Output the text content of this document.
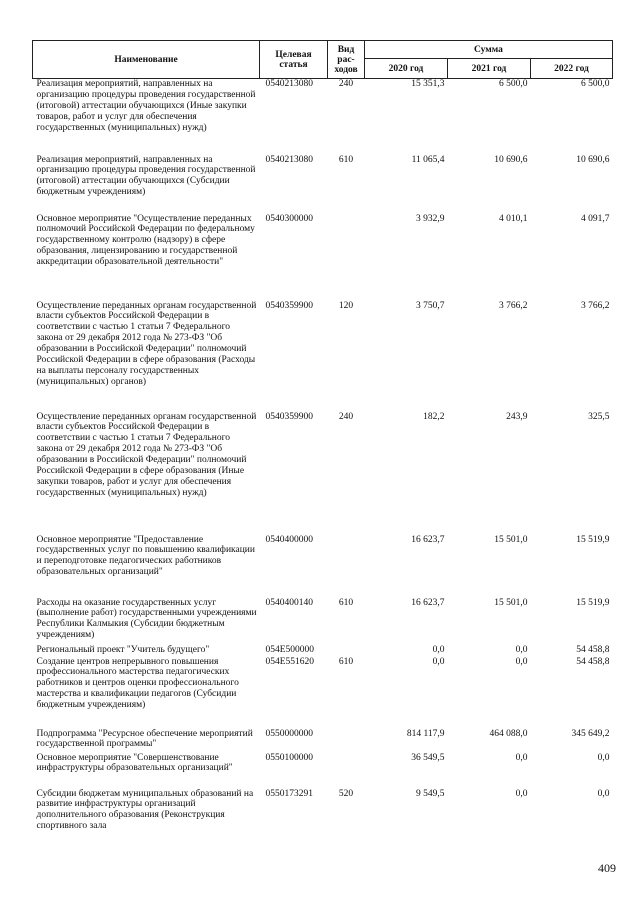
Наименование	Целевая статья	Вид рас-ходов	Сумма		
			2020 год	2021 год	2022 год
Реализация мероприятий, направленных на организацию процедуры проведения государственной (итоговой) аттестации обучающихся (Иные закупки товаров, работ и услуг для обеспечения государственных (муниципальных) нужд)	0540213080	240	15 351,3	6 500,0	6 500,0
Реализация мероприятий, направленных на организацию процедуры проведения государственной (итоговой) аттестации обучающихся (Субсидии бюджетным учреждениям)	0540213080	610	11 065,4	10 690,6	10 690,6
Основное мероприятие "Осуществление переданных полномочий Российской Федерации по федеральному государственному контролю (надзору) в сфере образования, лицензированию и государственной аккредитации образовательной деятельности"	0540300000		3 932,9	4 010,1	4 091,7
Осуществление переданных органам государственной власти субъектов Российской Федерации в соответствии с частью 1 статьи 7 Федерального закона от 29 декабря 2012 года № 273-ФЗ "Об образовании в Российской Федерации" полномочий Российской Федерации в сфере образования (Расходы на выплаты персоналу государственных (муниципальных) органов)	0540359900	120	3 750,7	3 766,2	3 766,2
Осуществление переданных органам государственной власти субъектов Российской Федерации в соответствии с частью 1 статьи 7 Федерального закона от 29 декабря 2012 года № 273-ФЗ "Об образовании в Российской Федерации" полномочий Российской Федерации в сфере образования (Иные закупки товаров, работ и услуг для обеспечения государственных (муниципальных) нужд)	0540359900	240	182,2	243,9	325,5
Основное мероприятие "Предоставление государственных услуг по повышению квалификации и переподготовке педагогических работников образовательных организаций"	0540400000		16 623,7	15 501,0	15 519,9
Расходы на оказание государственных услуг (выполнение работ) государственными учреждениями Республики Калмыкия (Субсидии бюджетным учреждениям)	0540400140	610	16 623,7	15 501,0	15 519,9
Региональный проект "Учитель будущего"	054E500000		0,0	0,0	54 458,8
Создание центров непрерывного повышения профессионального мастерства педагогических работников и центров оценки профессионального мастерства и квалификации педагогов (Субсидии бюджетным учреждениям)	054E551620	610	0,0	0,0	54 458,8
Подпрограмма "Ресурсное обеспечение мероприятий государственной программы"	0550000000		814 117,9	464 088,0	345 649,2
Основное мероприятие "Совершенствование инфраструктуры образовательных организаций"	0550100000		36 549,5	0,0	0,0
Субсидии бюджетам муниципальных образований на развитие инфраструктуры организаций дополнительного образования (Реконструкция спортивного зала	0550173291	520	9 549,5	0,0	0,0
409
